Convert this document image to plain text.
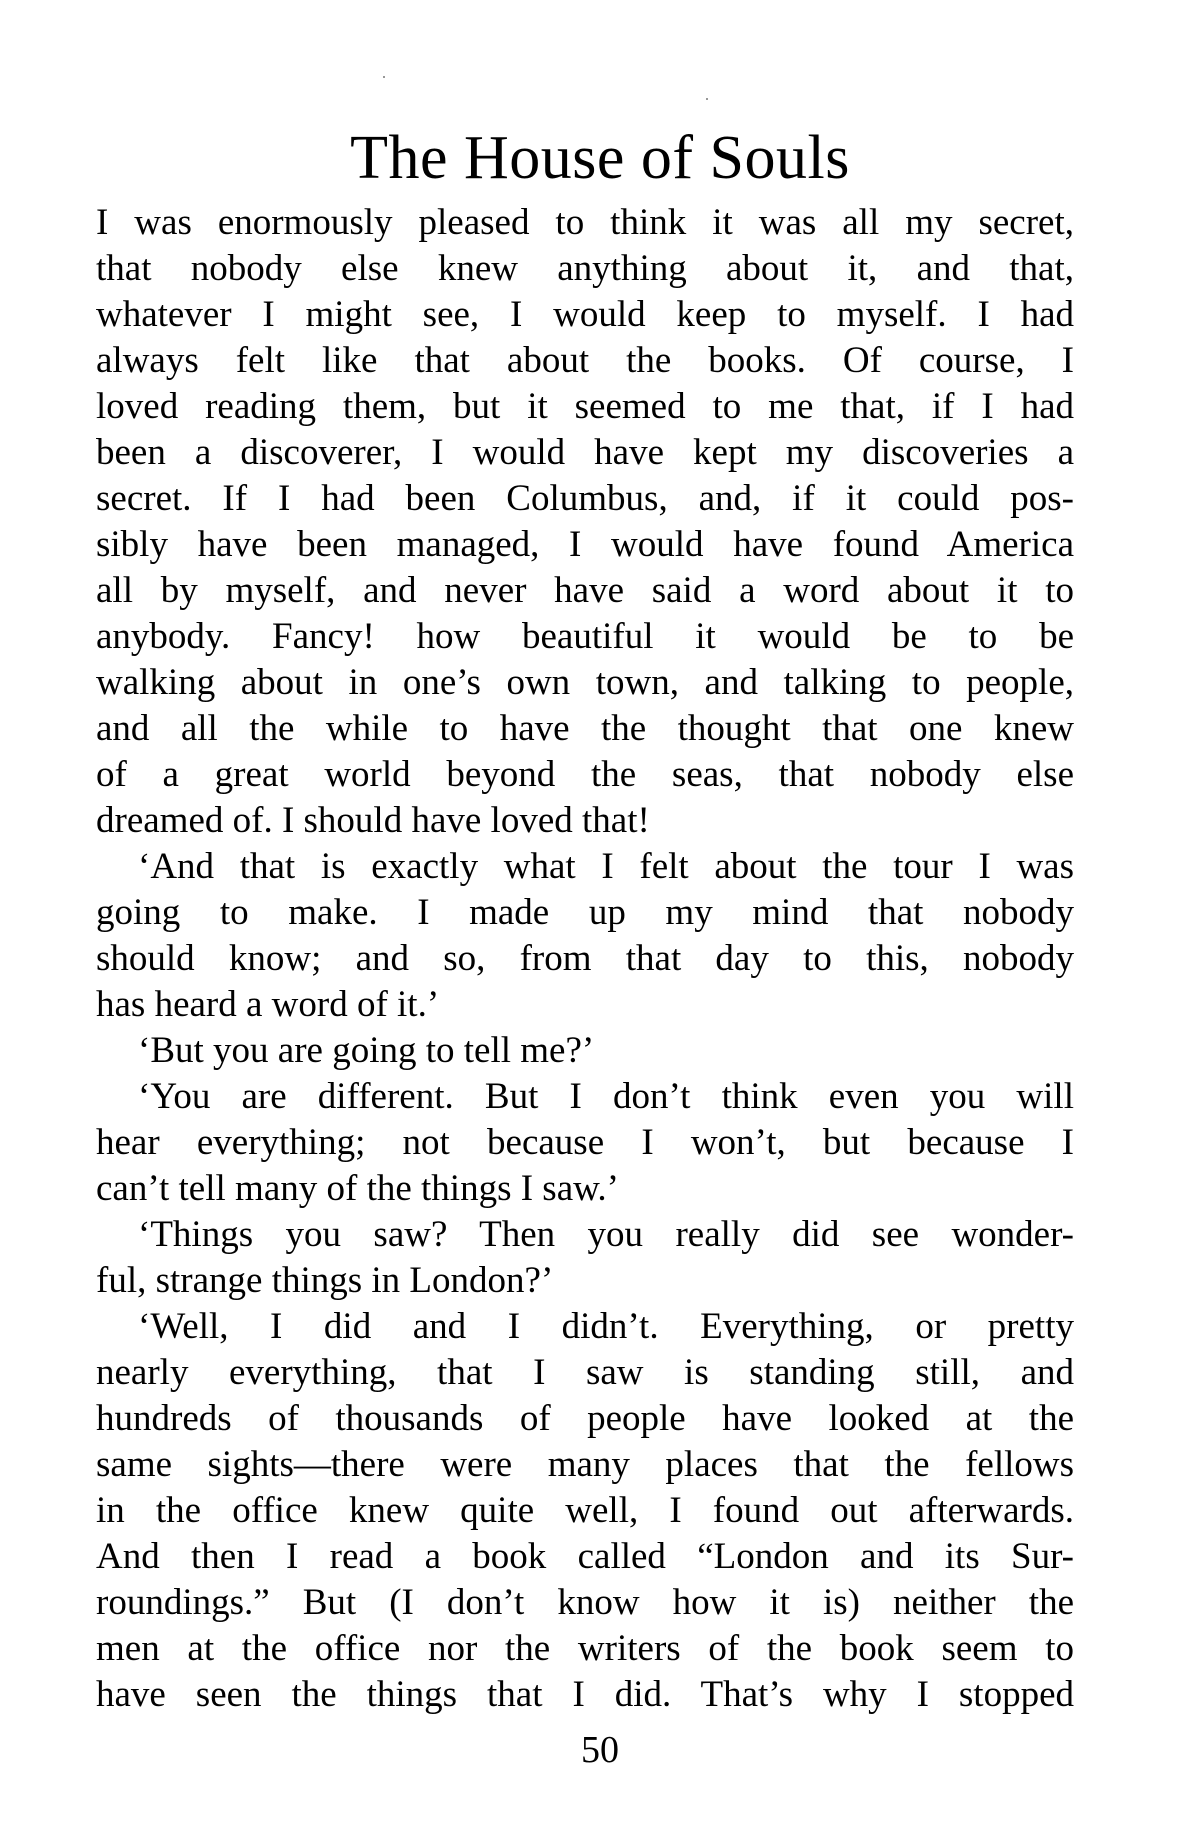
The House of Souls
I was enormously pleased to think it was all my secret,
that nobody else knew anything about it, and that,
whatever I might see, I would keep to myself. I had
always felt like that about the books. Of course, I
loved reading them, but it seemed to me that, if I had
been a discoverer, I would have kept my discoveries a
secret. If I had been Columbus, and, if it could pos-
sibly have been managed, I would have found America
all by myself, and never have said a word about it to
anybody. Fancy! how beautiful it would be to be
walking about in one’s own town, and talking to people,
and all the while to have the thought that one knew
of a great world beyond the seas, that nobody else
dreamed of. I should have loved that!
‘And that is exactly what I felt about the tour I was
going to make. I made up my mind that nobody
should know; and so, from that day to this, nobody
has heard a word of it.’
‘But you are going to tell me?’
‘You are different. But I don’t think even you will
hear everything; not because I won’t, but because I
can’t tell many of the things I saw.’
‘Things you saw? Then you really did see wonder-
ful, strange things in London?’
‘Well, I did and I didn’t. Everything, or pretty
nearly everything, that I saw is standing still, and
hundreds of thousands of people have looked at the
same sights—there were many places that the fellows
in the office knew quite well, I found out afterwards.
And then I read a book called “London and its Sur-
roundings.” But (I don’t know how it is) neither the
men at the office nor the writers of the book seem to
have seen the things that I did. That’s why I stopped
50
